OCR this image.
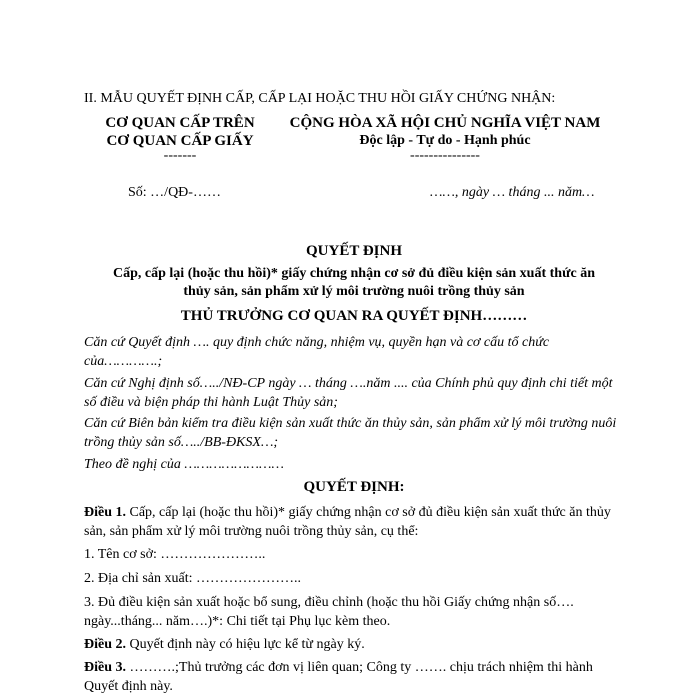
II. MẪU QUYẾT ĐỊNH CẤP, CẤP LẠI HOẶC THU HỒI GIẤY CHỨNG NHẬN:
CƠ QUAN CẤP TRÊN
CƠ QUAN CẤP GIẤY
-------
CỘNG HÒA XÃ HỘI CHỦ NGHĨA VIỆT NAM
Độc lập - Tự do - Hạnh phúc
---------------
Số: …/QĐ-……	……, ngày … tháng ... năm…
QUYẾT ĐỊNH
Cấp, cấp lại (hoặc thu hồi)* giấy chứng nhận cơ sở đủ điều kiện sản xuất thức ăn
thủy sản, sản phẩm xử lý môi trường nuôi trồng thủy sản
THỦ TRƯỞNG CƠ QUAN RA QUYẾT ĐỊNH………
Căn cứ Quyết định …. quy định chức năng, nhiệm vụ, quyền hạn và cơ cấu tổ chức của………….;
Căn cứ Nghị định số…../NĐ-CP ngày … tháng ….năm .... của Chính phủ quy định chi tiết một số điều và biện pháp thi hành Luật Thủy sản;
Căn cứ Biên bản kiểm tra điều kiện sản xuất thức ăn thủy sản, sản phẩm xử lý môi trường nuôi trồng thủy sản số…../BB-ĐKSX…;
Theo đề nghị của ……………………
QUYẾT ĐỊNH:
Điều 1. Cấp, cấp lại (hoặc thu hồi)* giấy chứng nhận cơ sở đủ điều kiện sản xuất thức ăn thủy sản, sản phẩm xử lý môi trường nuôi trồng thủy sản, cụ thể:
1. Tên cơ sở: …………………..
2. Địa chỉ sản xuất: …………………..
3. Đủ điều kiện sản xuất hoặc bổ sung, điều chỉnh (hoặc thu hồi Giấy chứng nhận số…. ngày...tháng... năm….)*: Chi tiết tại Phụ lục kèm theo.
Điều 2. Quyết định này có hiệu lực kể từ ngày ký.
Điều 3. ……….;Thủ trưởng các đơn vị liên quan; Công ty ……. chịu trách nhiệm thi hành Quyết định này.
